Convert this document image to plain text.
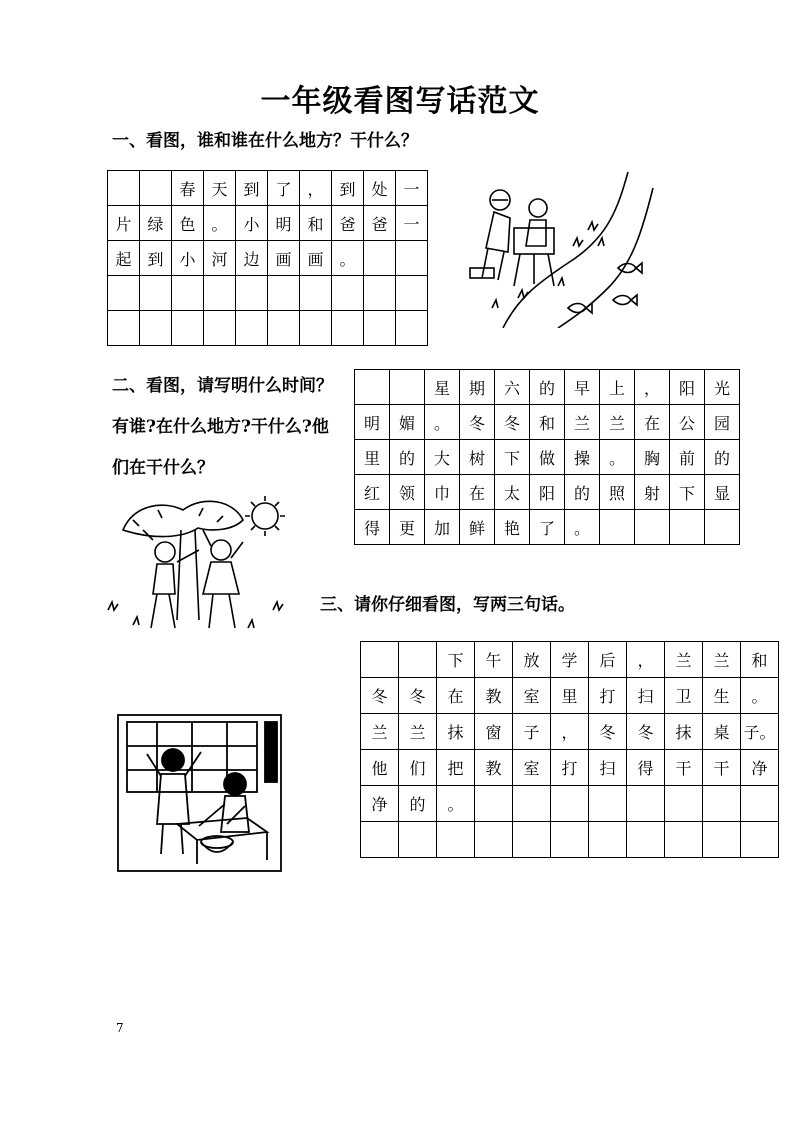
一年级看图写话范文
一、看图，谁和谁在什么地方？干什么？
		春	天	到	了	，	到	处	一
片	绿	色	。	小	明	和	爸	爸	一
起	到	小	河	边	画	画	。		

二、看图，请写明什么时间？有谁?在什么地方?干什么?他们在干什么？
		星	期	六	的	早	上	，	阳	光
明	媚	。	冬	冬	和	兰	兰	在	公	园
里	的	大	树	下	做	操	。	胸	前	的
红	领	巾	在	太	阳	的	照	射	下	显
得	更	加	鲜	艳	了	。				
三、请你仔细看图，写两三句话。
		下	午	放	学	后	，	兰	兰	和
冬	冬	在	教	室	里	打	扫	卫	生	。
兰	兰	抹	窗	子	，	冬	冬	抹	桌	子。
他	们	把	教	室	打	扫	得	干	干	净
净	的	。								

7
